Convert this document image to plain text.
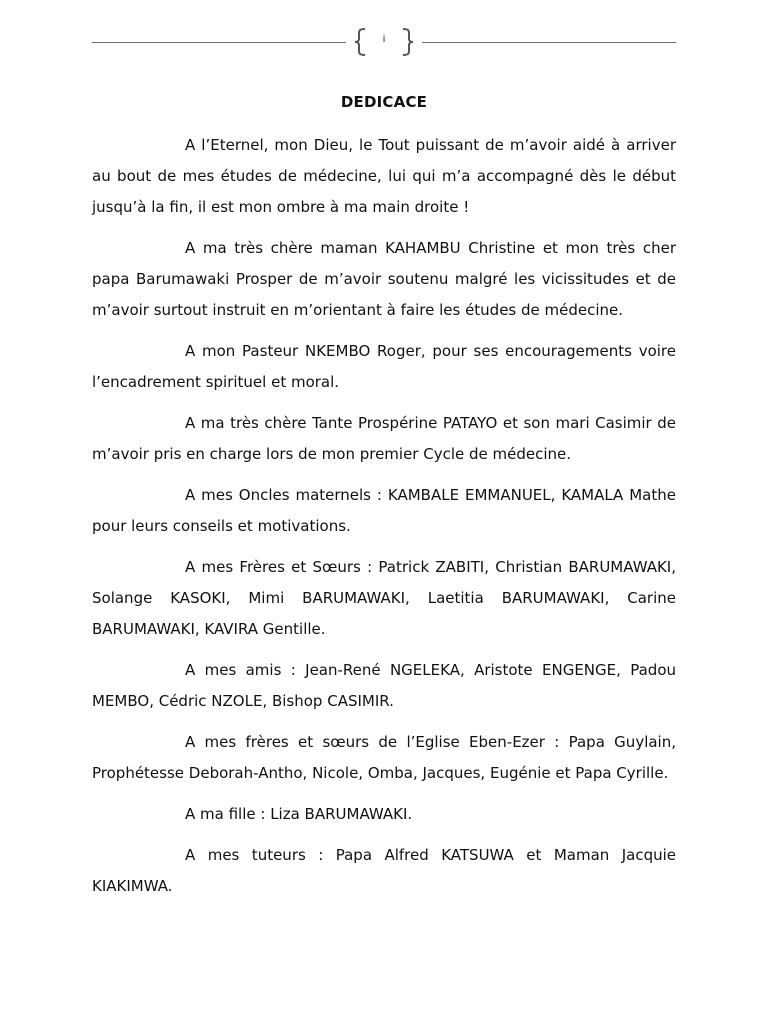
i
DEDICACE

A l’Eternel, mon Dieu, le Tout puissant de m’avoir aidé à arriver au bout de mes études de médecine, lui qui m’a accompagné dès le début jusqu’à la fin, il est mon ombre à ma main droite !

A ma très chère maman KAHAMBU Christine et mon très cher papa Barumawaki Prosper de m’avoir soutenu malgré les vicissitudes et de m’avoir surtout instruit en m’orientant à faire les études de médecine.

A mon Pasteur NKEMBO Roger, pour ses encouragements voire l’encadrement spirituel et moral.

A ma très chère Tante Prospérine PATAYO et son mari Casimir de m’avoir pris en charge lors de mon premier Cycle de médecine.

A mes Oncles maternels : KAMBALE EMMANUEL, KAMALA Mathe pour leurs conseils et motivations.

A mes Frères et Sœurs : Patrick ZABITI, Christian BARUMAWAKI, Solange KASOKI, Mimi BARUMAWAKI, Laetitia BARUMAWAKI, Carine BARUMAWAKI, KAVIRA Gentille.

A mes amis : Jean-René NGELEKA, Aristote ENGENGE, Padou MEMBO, Cédric NZOLE, Bishop CASIMIR.

A mes frères et sœurs de l’Eglise Eben-Ezer : Papa Guylain, Prophétesse Deborah-Antho, Nicole, Omba, Jacques, Eugénie et Papa Cyrille.

A ma fille : Liza BARUMAWAKI.

A mes tuteurs : Papa Alfred KATSUWA et Maman Jacquie KIAKIMWA.
